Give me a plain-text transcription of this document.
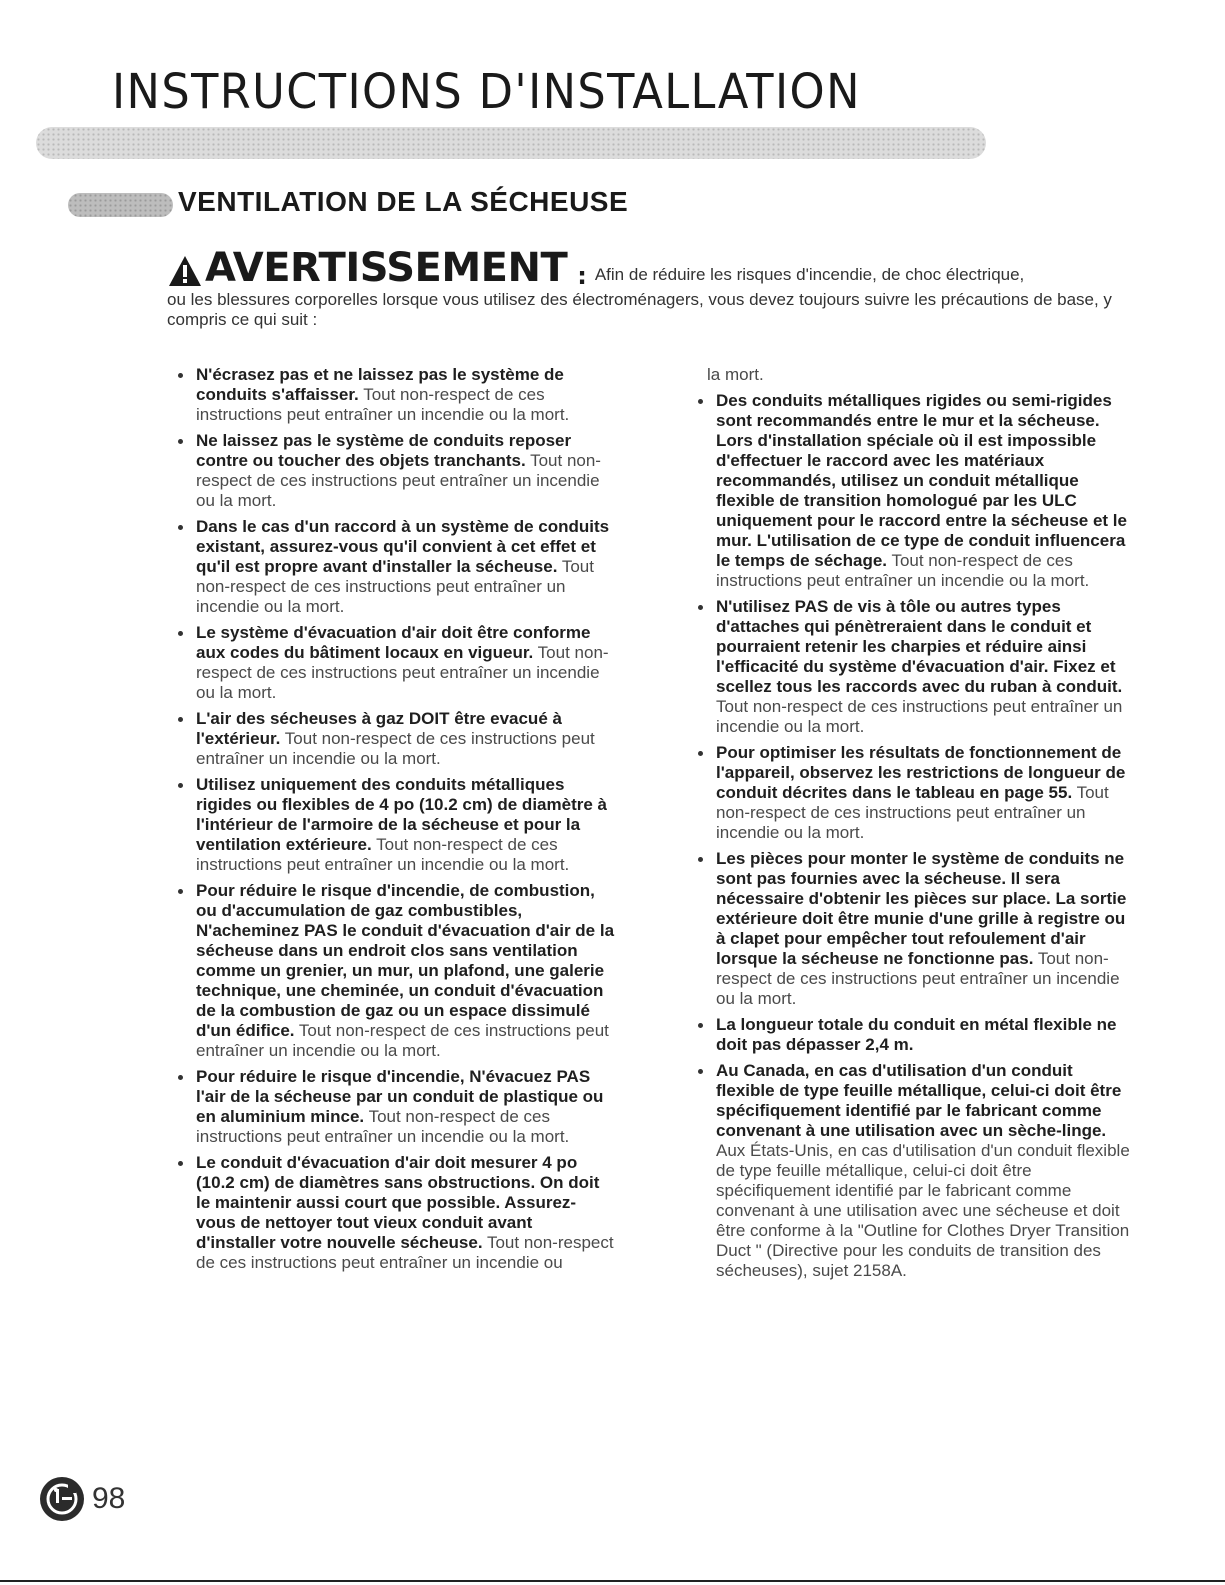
INSTRUCTIONS D'INSTALLATION
VENTILATION DE LA SÉCHEUSE
AVERTISSEMENT : Afin de réduire les risques d'incendie, de choc électrique,
ou les blessures corporelles lorsque vous utilisez des électroménagers, vous devez toujours suivre les précautions de base, y compris ce qui suit :
N'écrasez pas et ne laissez pas le système de conduits s'affaisser. Tout non-respect de ces instructions peut entraîner un incendie ou la mort.
Ne laissez pas le système de conduits reposer contre ou toucher des objets tranchants. Tout non-respect de ces instructions peut entraîner un incendie ou la mort.
Dans le cas d'un raccord à un système de conduits existant, assurez-vous qu'il convient à cet effet et qu'il est propre avant d'installer la sécheuse. Tout non-respect de ces instructions peut entraîner un incendie ou la mort.
Le système d'évacuation d'air doit être conforme aux codes du bâtiment locaux en vigueur. Tout non-respect de ces instructions peut entraîner un incendie ou la mort.
L'air des sécheuses à gaz DOIT être evacué à l'extérieur. Tout non-respect de ces instructions peut entraîner un incendie ou la mort.
Utilisez uniquement des conduits métalliques rigides ou flexibles de 4 po (10.2 cm) de diamètre à l'intérieur de l'armoire de la sécheuse et pour la ventilation extérieure. Tout non-respect de ces instructions peut entraîner un incendie ou la mort.
Pour réduire le risque d'incendie, de combustion, ou d'accumulation de gaz combustibles, N'acheminez PAS le conduit d'évacuation d'air de la sécheuse dans un endroit clos sans ventilation comme un grenier, un mur, un plafond, une galerie technique, une cheminée, un conduit d'évacuation de la combustion de gaz ou un espace dissimulé d'un édifice. Tout non-respect de ces instructions peut entraîner un incendie ou la mort.
Pour réduire le risque d'incendie, N'évacuez PAS l'air de la sécheuse par un conduit de plastique ou en aluminium mince. Tout non-respect de ces instructions peut entraîner un incendie ou la mort.
Le conduit d'évacuation d'air doit mesurer 4 po (10.2 cm) de diamètres sans obstructions. On doit le maintenir aussi court que possible. Assurez-vous de nettoyer tout vieux conduit avant d'installer votre nouvelle sécheuse. Tout non-respect de ces instructions peut entraîner un incendie ou
la mort.
Des conduits métalliques rigides ou semi-rigides sont recommandés entre le mur et la sécheuse. Lors d'installation spéciale où il est impossible d'effectuer le raccord avec les matériaux recommandés, utilisez un conduit métallique flexible de transition homologué par les ULC uniquement pour le raccord entre la sécheuse et le mur. L'utilisation de ce type de conduit influencera le temps de séchage. Tout non-respect de ces instructions peut entraîner un incendie ou la mort.
N'utilisez PAS de vis à tôle ou autres types d'attaches qui pénètreraient dans le conduit et pourraient retenir les charpies et réduire ainsi l'efficacité du système d'évacuation d'air. Fixez et scellez tous les raccords avec du ruban à conduit. Tout non-respect de ces instructions peut entraîner un incendie ou la mort.
Pour optimiser les résultats de fonctionnement de l'appareil, observez les restrictions de longueur de conduit décrites dans le tableau en page 55. Tout non-respect de ces instructions peut entraîner un incendie ou la mort.
Les pièces pour monter le système de conduits ne sont pas fournies avec la sécheuse. Il sera nécessaire d'obtenir les pièces sur place. La sortie extérieure doit être munie d'une grille à registre ou à clapet pour empêcher tout refoulement d'air lorsque la sécheuse ne fonctionne pas. Tout non-respect de ces instructions peut entraîner un incendie ou la mort.
La longueur totale du conduit en métal flexible ne doit pas dépasser 2,4 m.
Au Canada, en cas d'utilisation d'un conduit flexible de type feuille métallique, celui-ci doit être spécifiquement identifié par le fabricant comme convenant à une utilisation avec un sèche-linge. Aux États-Unis, en cas d'utilisation d'un conduit flexible de type feuille métallique, celui-ci doit être spécifiquement identifié par le fabricant comme convenant à une utilisation avec une sécheuse et doit être conforme à la "Outline for Clothes Dryer Transition Duct " (Directive pour les conduits de transition des sécheuses), sujet 2158A.
98
